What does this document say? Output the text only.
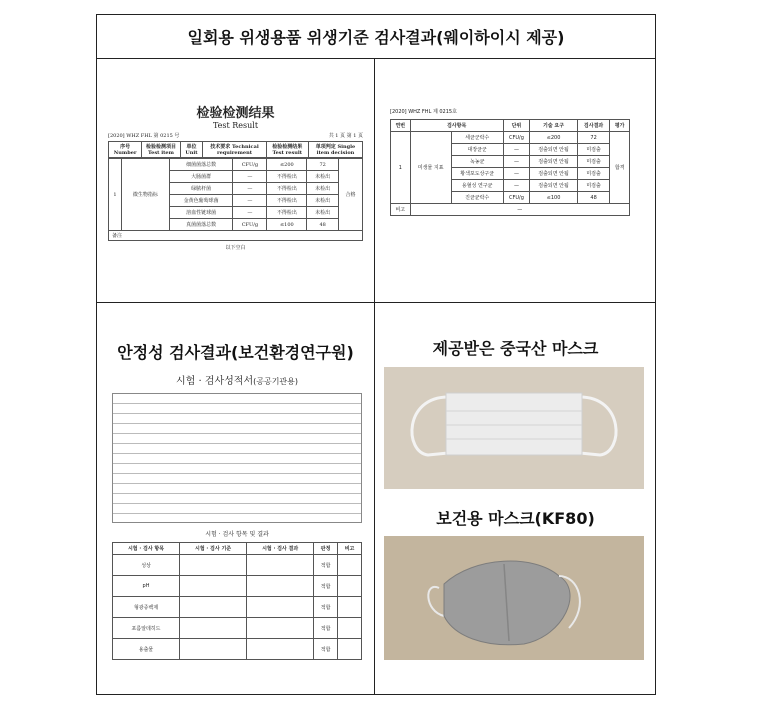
일회용 위생용품 위생기준 검사결과(웨이하이시 제공)
检验检测结果
Test Result
[2020] WHZ FHL 第 0215 号	共 1 页 第 1 页
序号 Number	检验检测项目 Test item	单位 Unit	技术要求 Technical requirement	检验检测结果 Test result	单项判定 Single item decision
1	微生物指标	细菌菌落总数	CFU/g	≤200	72	合格
		大肠菌群	—	不得检出	未检出	
		绿脓杆菌	—	不得检出	未检出	
		金黄色葡萄球菌	—	不得检出	未检出	
		溶血性链球菌	—	不得检出	未检出	
		真菌菌落总数	CFU/g	≤100	48	
备注
以下空白
[2020] WHZ FHL 제 0215호
연번	검사항목		단위	기술 요구	검사결과	평가
1	미생물 지표	세균군락수	CFU/g	≤200	72	합격
		대장균군	—	검출되면 안됨	미검출	
		녹농균	—	검출되면 안됨	미검출	
		황색포도상구균	—	검출되면 안됨	미검출	
		용혈성 연구균	—	검출되면 안됨	미검출	
		진균균락수	CFU/g	≤100	48	
비고	—					
안정성 검사결과(보건환경연구원)
시험 · 검사성적서(공공기관용)
시험 · 검사 항목 및 결과
시험 · 검사 항목	시험 · 검사 기준	시험 · 검사 결과	판정	비고
성상			적합	
pH			적합	
형광증백제			적합	
포름알데히드			적합	
용출물			적합	
제공받은 중국산 마스크
보건용 마스크(KF80)
